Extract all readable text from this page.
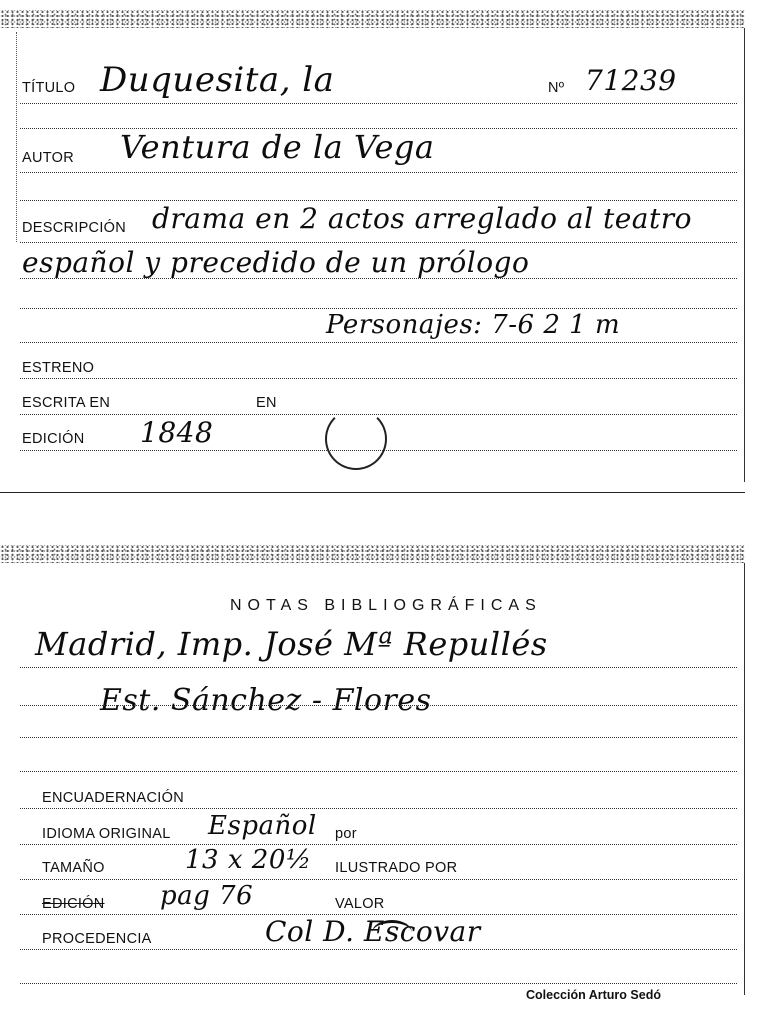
TÍTULO Duquesita, la	Nº 71239
AUTOR Ventura de la Vega
DESCRIPCIÓN drama en 2 actos arreglado al teatro
español y precedido de un prólogo
Personajes: 7-6 2 1 m
ESTRENO
ESCRITA EN	EN
EDICIÓN 1848
NOTAS BIBLIOGRÁFICAS
Madrid, Imp. José Mª Repullés
Est. Sánchez - Flores
ENCUADERNACIÓN
IDIOMA ORIGINAL Español por
TAMAÑO	13 x 20½ ILUSTRADO POR
EDICIÓN pag 76	VALOR
PROCEDENCIA	Col D. Escovar
Colección Arturo Sedó
